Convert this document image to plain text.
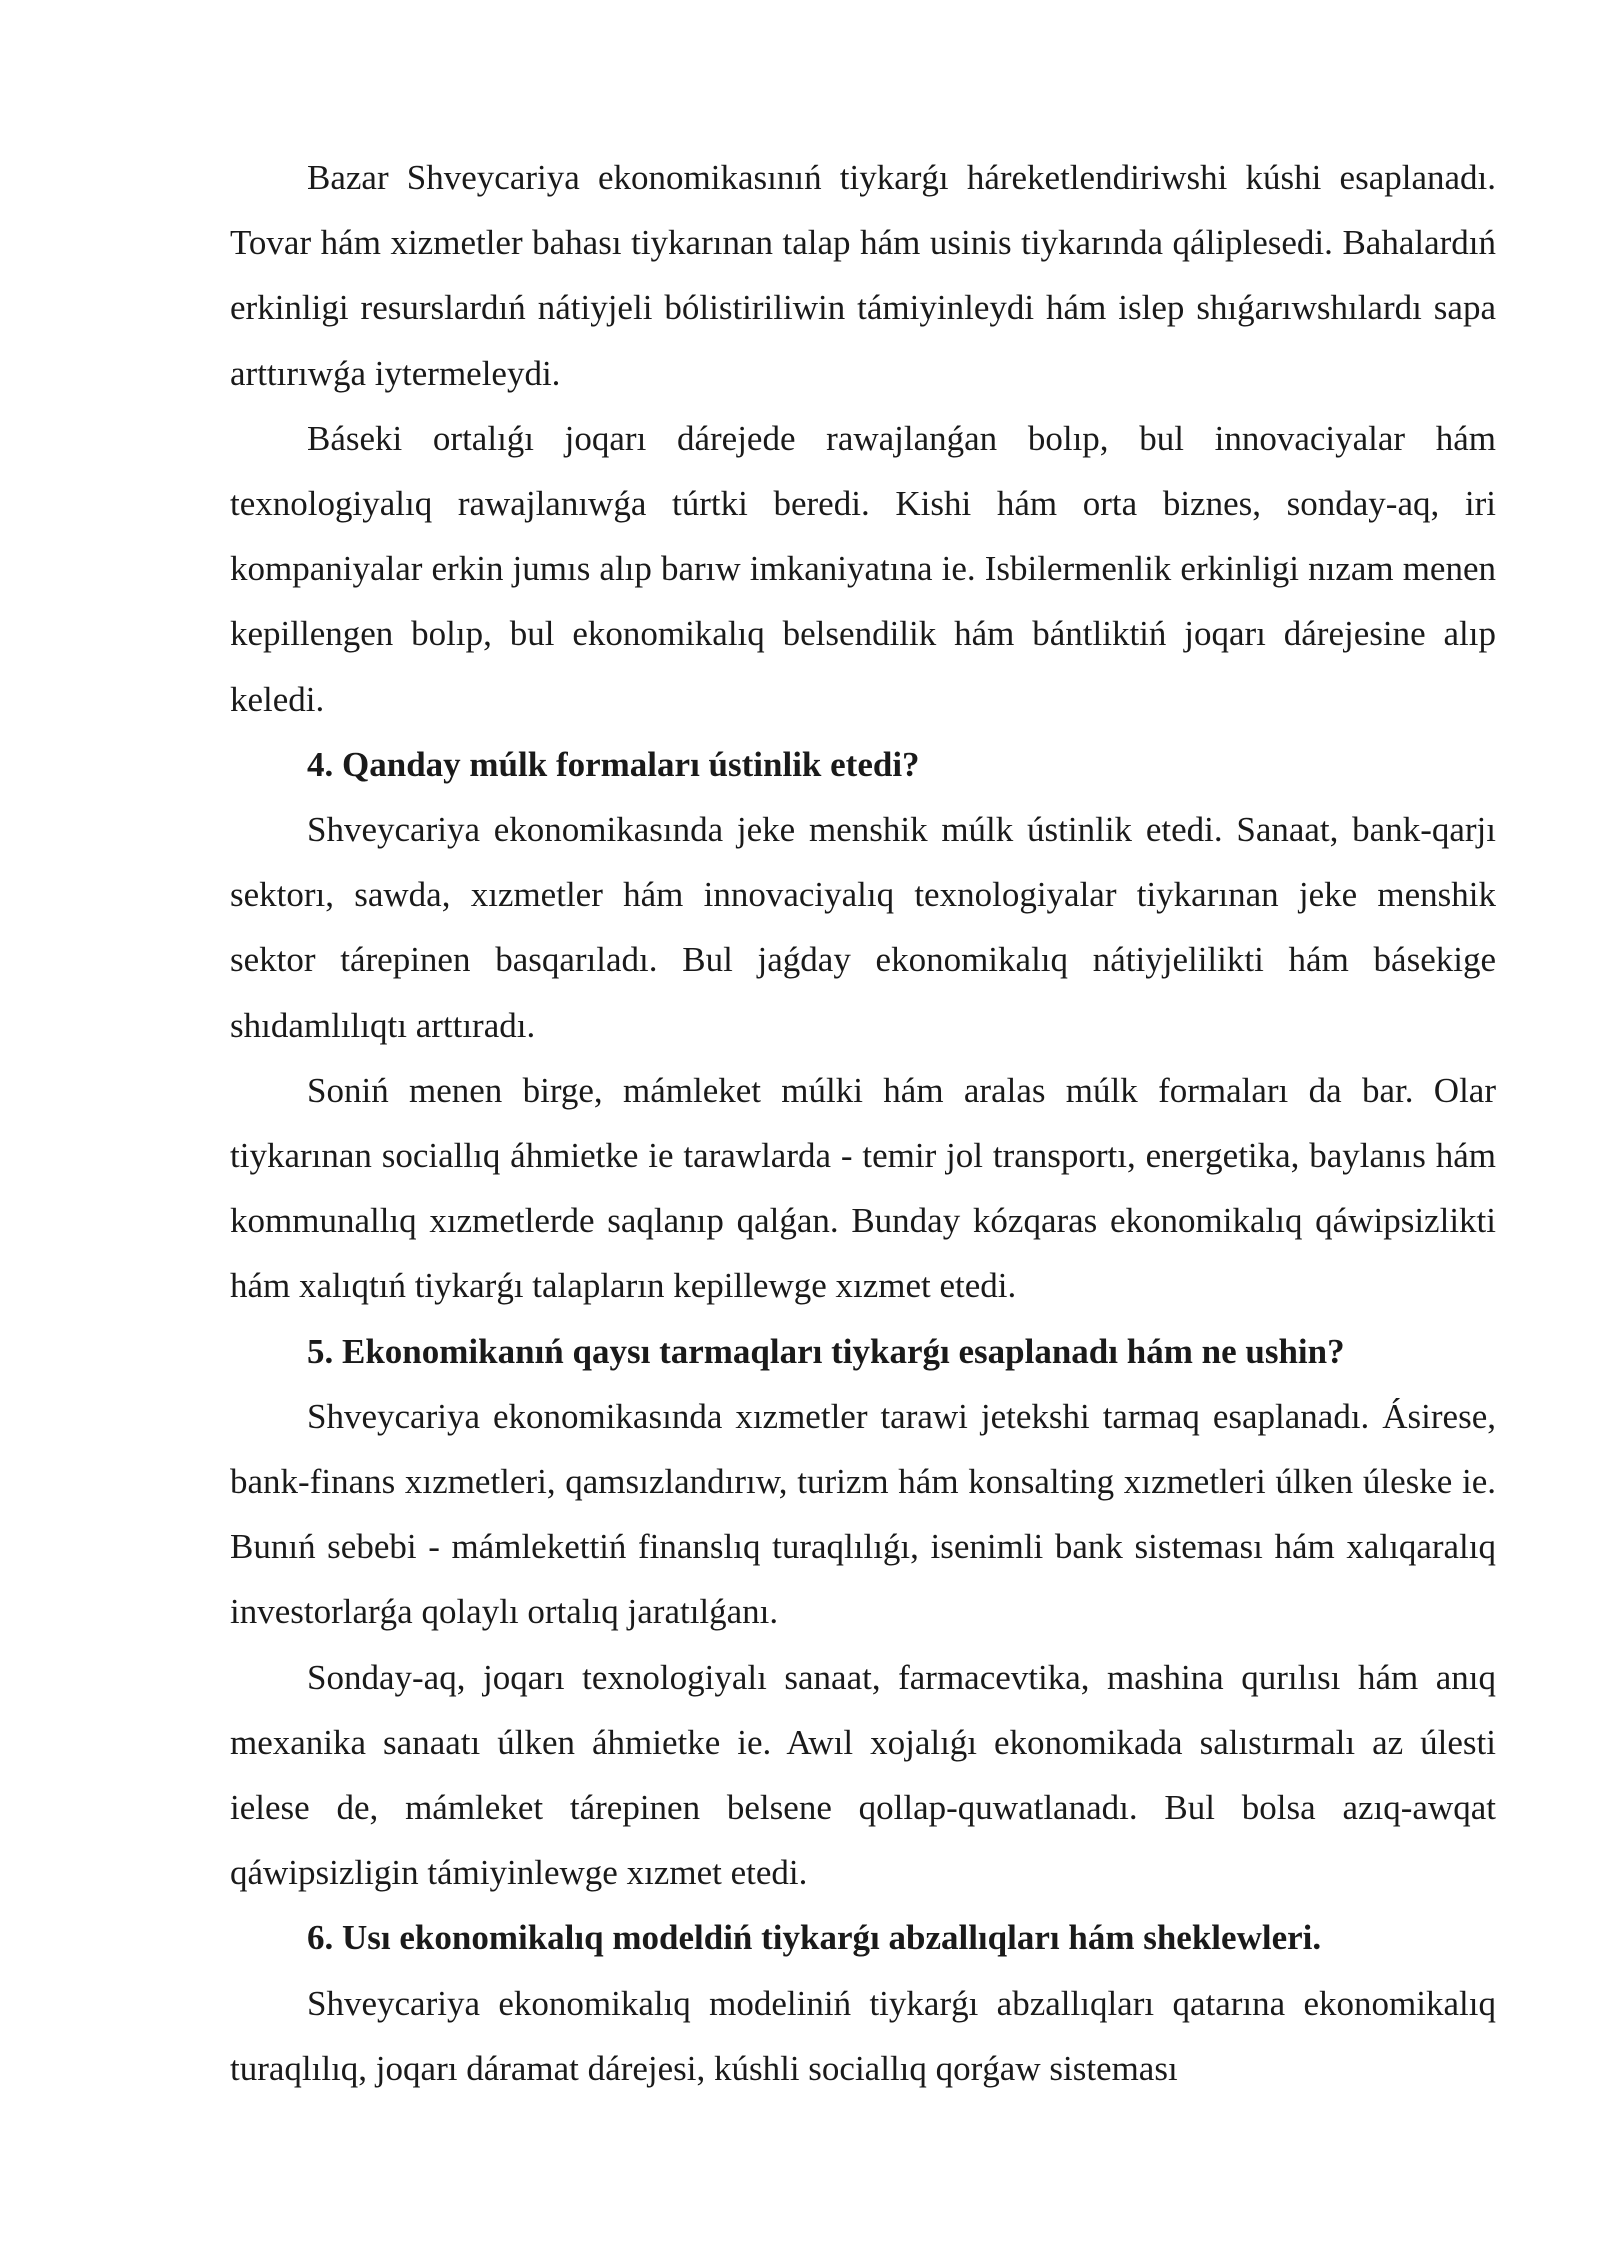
Bazar Shveycariya ekonomikasınıń tiykarǵı háreketlendiriwshi kúshi esaplanadı. Tovar hám xizmetler bahası tiykarınan talap hám usinis tiykarında qáliplesedi. Bahalardıń erkinligi resurslardıń nátiyjeli bólistiriliwin támiyinleydi hám islep shıǵarıwshılardı sapa arttırıwǵa iytermeleydi.

Báseki ortalıǵı joqarı dárejede rawajlanǵan bolıp, bul innovaciyalar hám texnologiyalıq rawajlanıwǵa túrtki beredi. Kishi hám orta biznes, sonday-aq, iri kompaniyalar erkin jumıs alıp barıw imkaniyatına ie. Isbilermenlik erkinligi nızam menen kepillengen bolıp, bul ekonomikalıq belsendilik hám bántliktiń joqarı dárejesine alıp keledi.

4. Qanday múlk formaları ústinlik etedi?

Shveycariya ekonomikasında jeke menshik múlk ústinlik etedi. Sanaat, bank-qarjı sektorı, sawda, xızmetler hám innovaciyalıq texnologiyalar tiykarınan jeke menshik sektor tárepinen basqarıladı. Bul jaǵday ekonomikalıq nátiyjelilikti hám básekige shıdamlılıqtı arttıradı.

Soniń menen birge, mámleket múlki hám aralas múlk formaları da bar. Olar tiykarınan sociallıq áhmietke ie tarawlarda - temir jol transportı, energetika, baylanıs hám kommunallıq xızmetlerde saqlanıp qalǵan. Bunday kózqaras ekonomikalıq qáwipsizlikti hám xalıqtıń tiykarǵı talapların kepillewge xızmet etedi.

5. Ekonomikanıń qaysı tarmaqları tiykarǵı esaplanadı hám ne ushin?

Shveycariya ekonomikasında xızmetler tarawi jetekshi tarmaq esaplanadı. Ásirese, bank-finans xızmetleri, qamsızlandırıw, turizm hám konsalting xızmetleri úlken úleske ie. Bunıń sebebi - mámlekettiń finanslıq turaqlılıǵı, isenimli bank sisteması hám xalıqaralıq investorlarǵa qolaylı ortalıq jaratılǵanı.

Sonday-aq, joqarı texnologiyalı sanaat, farmacevtika, mashina qurılısı hám anıq mexanika sanaatı úlken áhmietke ie. Awıl xojalıǵı ekonomikada salıstırmalı az úlesti ielese de, mámleket tárepinen belsene qollap-quwatlanadı. Bul bolsa azıq-awqat qáwipsizligin támiyinlewge xızmet etedi.

6. Usı ekonomikalıq modeldiń tiykarǵı abzallıqları hám sheklewleri.

Shveycariya ekonomikalıq modeliniń tiykarǵı abzallıqları qatarına ekonomikalıq turaqlılıq, joqarı dáramat dárejesi, kúshli sociallıq qorǵaw sisteması
